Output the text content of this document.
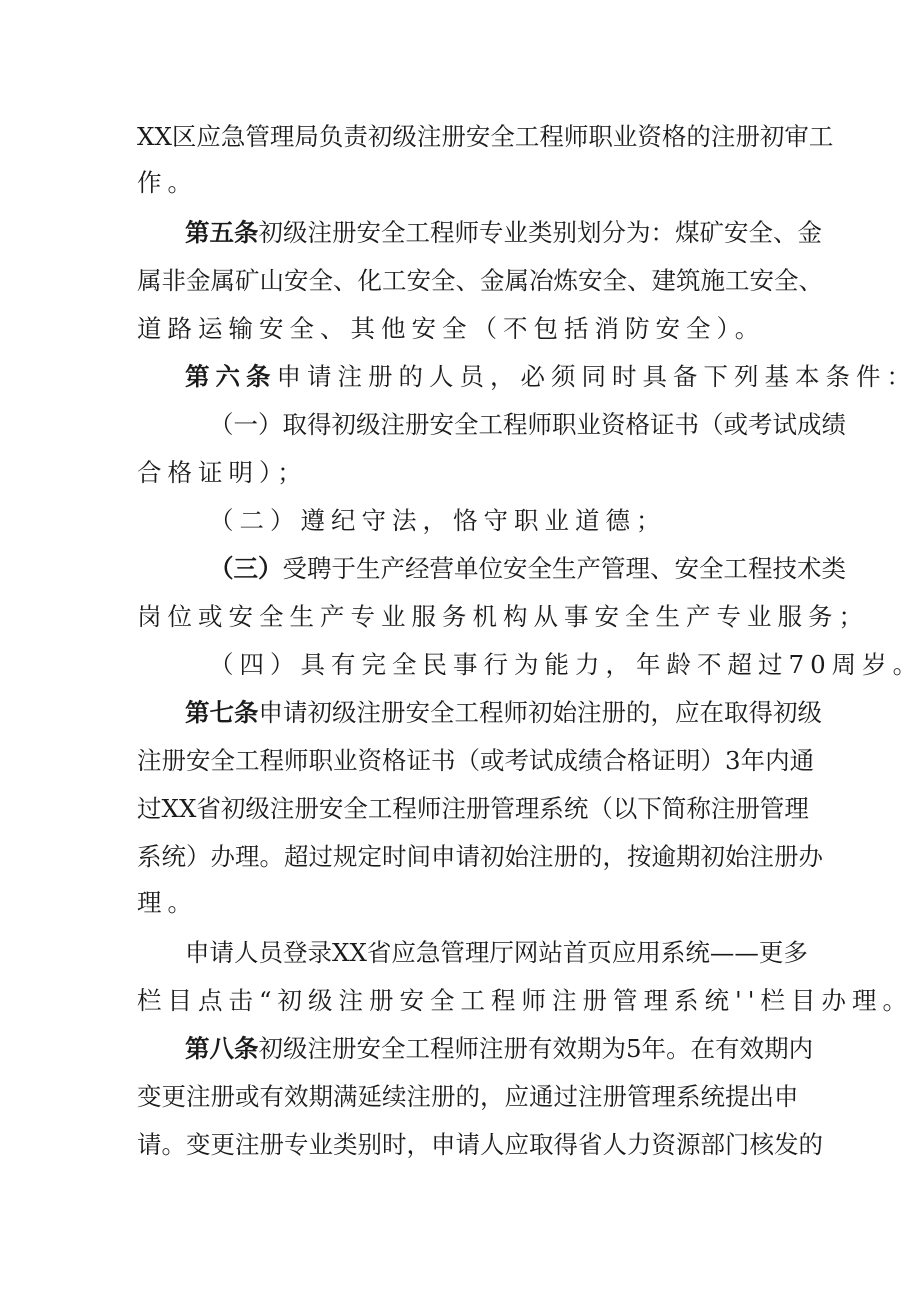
XX区应急管理局负责初级注册安全工程师职业资格的注册初审工
作。
第五条初级注册安全工程师专业类别划分为：煤矿安全、金
属非金属矿山安全、化工安全、金属冶炼安全、建筑施工安全、
道路运输安全、其他安全（不包括消防安全）。
第六条申请注册的人员，必须同时具备下列基本条件：
（一）取得初级注册安全工程师职业资格证书（或考试成绩
合格证明）；
（二）遵纪守法，恪守职业道德；
（三）受聘于生产经营单位安全生产管理、安全工程技术类
岗位或安全生产专业服务机构从事安全生产专业服务；
（四）具有完全民事行为能力，年龄不超过70周岁。
第七条申请初级注册安全工程师初始注册的，应在取得初级
注册安全工程师职业资格证书（或考试成绩合格证明）3年内通
过XX省初级注册安全工程师注册管理系统（以下简称注册管理
系统）办理。超过规定时间申请初始注册的，按逾期初始注册办
理。
申请人员登录XX省应急管理厅网站首页应用系统——更多
栏目点击“初级注册安全工程师注册管理系统''栏目办理。
第八条初级注册安全工程师注册有效期为5年。在有效期内
变更注册或有效期满延续注册的，应通过注册管理系统提出申
请。变更注册专业类别时，申请人应取得省人力资源部门核发的
